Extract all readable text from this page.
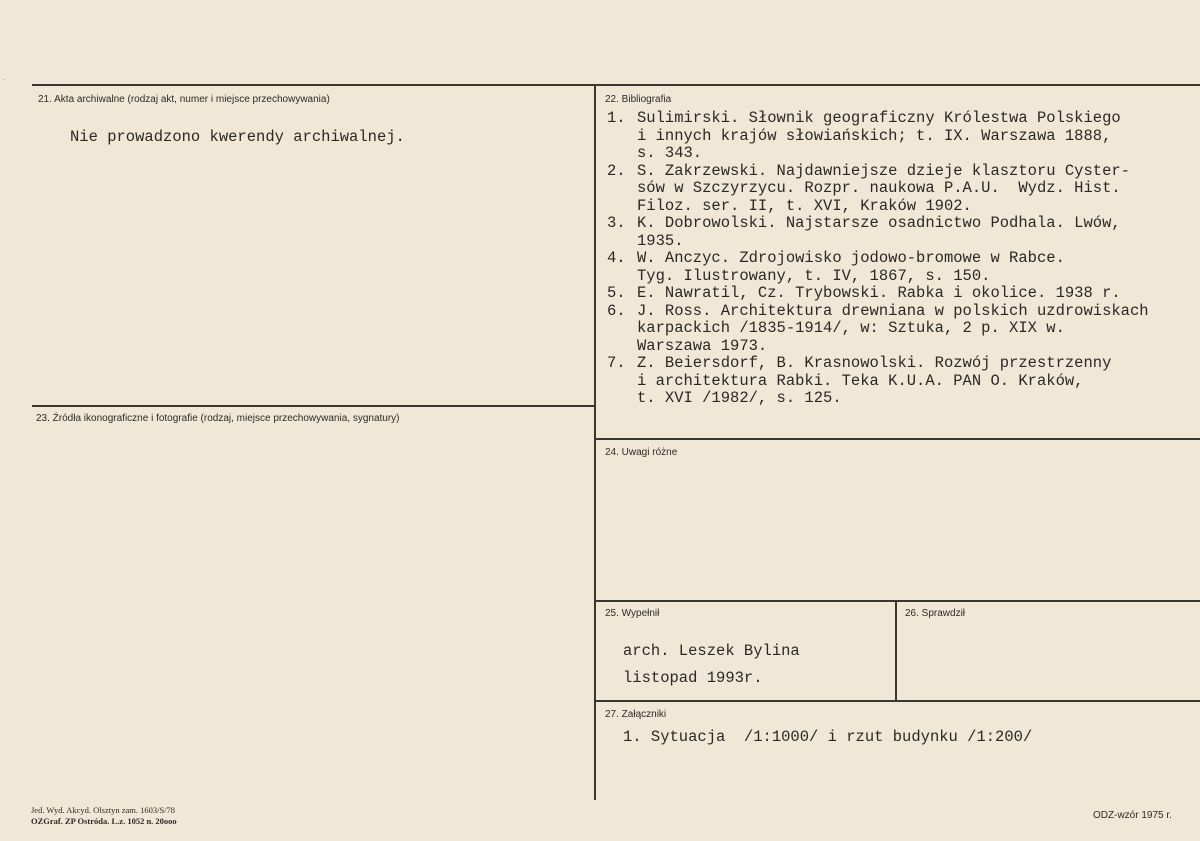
·
21. Akta archiwalne (rodzaj akt, numer i miejsce przechowywania)
Nie prowadzono kwerendy archiwalnej.
22. Bibliografia
1. Sulimirski. Słownik geograficzny Królestwa Polskiego
i innych krajów słowiańskich; t. IX. Warszawa 1888,
s. 343.
2. S. Zakrzewski. Najdawniejsze dzieje klasztoru Cyster-
sów w Szczyrzycu. Rozpr. naukowa P.A.U.  Wydz. Hist.
Filoz. ser. II, t. XVI, Kraków 1902.
3. K. Dobrowolski. Najstarsze osadnictwo Podhala. Lwów,
1935.
4. W. Anczyc. Zdrojowisko jodowo-bromowe w Rabce.
Tyg. Ilustrowany, t. IV, 1867, s. 150.
5. E. Nawratil, Cz. Trybowski. Rabka i okolice. 1938 r.
6. J. Ross. Architektura drewniana w polskich uzdrowiskach
karpackich /1835-1914/, w: Sztuka, 2 p. XIX w.
Warszawa 1973.
7. Z. Beiersdorf, B. Krasnowolski. Rozwój przestrzenny
i architektura Rabki. Teka K.U.A. PAN O. Kraków,
t. XVI /1982/, s. 125.
23. Źródła ikonograficzne i fotografie (rodzaj, miejsce przechowywania, sygnatury)
24. Uwagi różne
25. Wypełnił
arch. Leszek Bylina
listopad 1993r.
26. Sprawdził
27. Załączniki
1. Sytuacja  /1:1000/ i rzut budynku /1:200/
Jed. Wyd. Akcyd. Olsztyn zam. 1603/S/78
OZGraf. ZP Ostróda. L.z. 1052 n. 20ooo	ODZ-wzór 1975 r.
